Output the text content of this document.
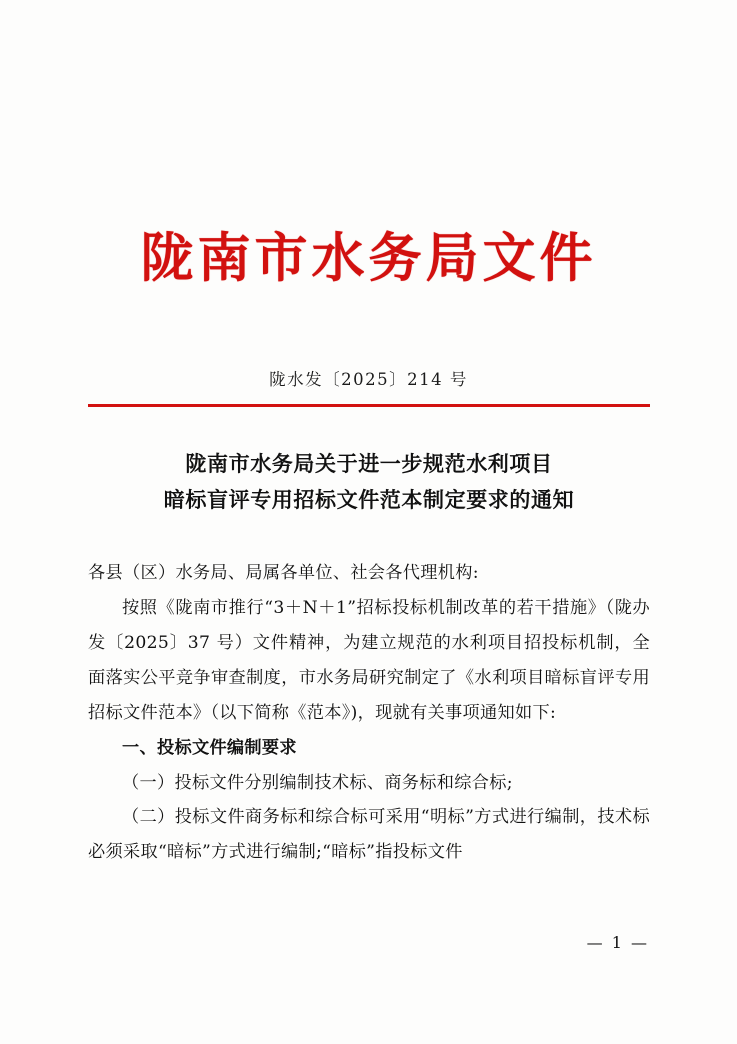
陇南市水务局文件
陇水发〔2025〕214 号
陇南市水务局关于进一步规范水利项目
暗标盲评专用招标文件范本制定要求的通知

各县（区）水务局、局属各单位、社会各代理机构:

按照《陇南市推行“3＋N＋1”招标投标机制改革的若干措施》（陇办发〔2025〕37 号）文件精神，为建立规范的水利项目招投标机制，全面落实公平竞争审查制度，市水务局研究制定了《水利项目暗标盲评专用招标文件范本》（以下简称《范本》)，现就有关事项通知如下:

一、投标文件编制要求

（一）投标文件分别编制技术标、商务标和综合标;

（二）投标文件商务标和综合标可采用“明标”方式进行编制，技术标必须采取“暗标”方式进行编制;“暗标”指投标文件

— 1 —
